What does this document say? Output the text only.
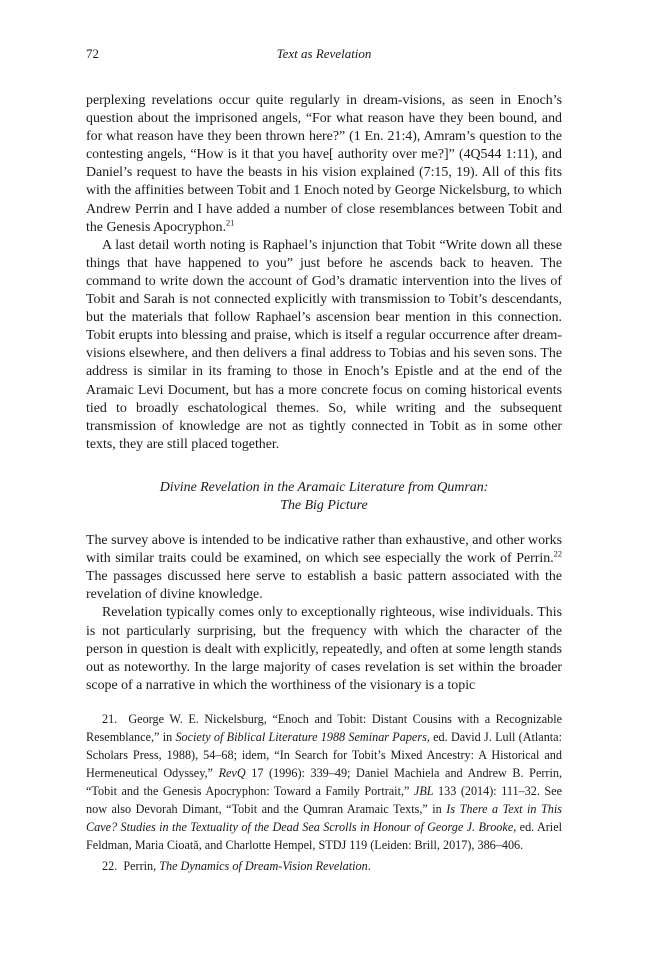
72	Text as Revelation

perplexing revelations occur quite regularly in dream-visions, as seen in Enoch’s question about the imprisoned angels, “For what reason have they been bound, and for what reason have they been thrown here?” (1 En. 21:4), Amram’s question to the contesting angels, “How is it that you have[ authority over me?]” (4Q544 1:11), and Daniel’s request to have the beasts in his vision explained (7:15, 19). All of this fits with the affinities between Tobit and 1 Enoch noted by George Nickelsburg, to which Andrew Perrin and I have added a number of close resemblances between Tobit and the Genesis Apocryphon.$^{21}$

A last detail worth noting is Raphael’s injunction that Tobit “Write down all these things that have happened to you” just before he ascends back to heaven. The command to write down the account of God’s dramatic intervention into the lives of Tobit and Sarah is not connected explicitly with transmission to Tobit’s descendants, but the materials that follow Raphael’s ascension bear mention in this connection. Tobit erupts into blessing and praise, which is itself a regular occurrence after dream-visions elsewhere, and then delivers a final address to Tobias and his seven sons. The address is similar in its framing to those in Enoch’s Epistle and at the end of the Aramaic Levi Document, but has a more concrete focus on coming historical events tied to broadly eschatological themes. So, while writing and the subsequent transmission of knowledge are not as tightly connected in Tobit as in some other texts, they are still placed together.

Divine Revelation in the Aramaic Literature from Qumran:
The Big Picture

The survey above is intended to be indicative rather than exhaustive, and other works with similar traits could be examined, on which see especially the work of Perrin.$^{22}$ The passages discussed here serve to establish a basic pattern associated with the revelation of divine knowledge.

Revelation typically comes only to exceptionally righteous, wise individuals. This is not particularly surprising, but the frequency with which the character of the person in question is dealt with explicitly, repeatedly, and often at some length stands out as noteworthy. In the large majority of cases revelation is set within the broader scope of a narrative in which the worthiness of the visionary is a topic

21. George W. E. Nickelsburg, “Enoch and Tobit: Distant Cousins with a Recognizable Resemblance,” in Society of Biblical Literature 1988 Seminar Papers, ed. David J. Lull (Atlanta: Scholars Press, 1988), 54–68; idem, “In Search for Tobit’s Mixed Ancestry: A Historical and Hermeneutical Odyssey,” RevQ 17 (1996): 339–49; Daniel Machiela and Andrew B. Perrin, “Tobit and the Genesis Apocryphon: Toward a Family Portrait,” JBL 133 (2014): 111–32. See now also Devorah Dimant, “Tobit and the Qumran Aramaic Texts,” in Is There a Text in This Cave? Studies in the Textuality of the Dead Sea Scrolls in Honour of George J. Brooke, ed. Ariel Feldman, Maria Cioată, and Charlotte Hempel, STDJ 119 (Leiden: Brill, 2017), 386–406.

22. Perrin, The Dynamics of Dream-Vision Revelation.
